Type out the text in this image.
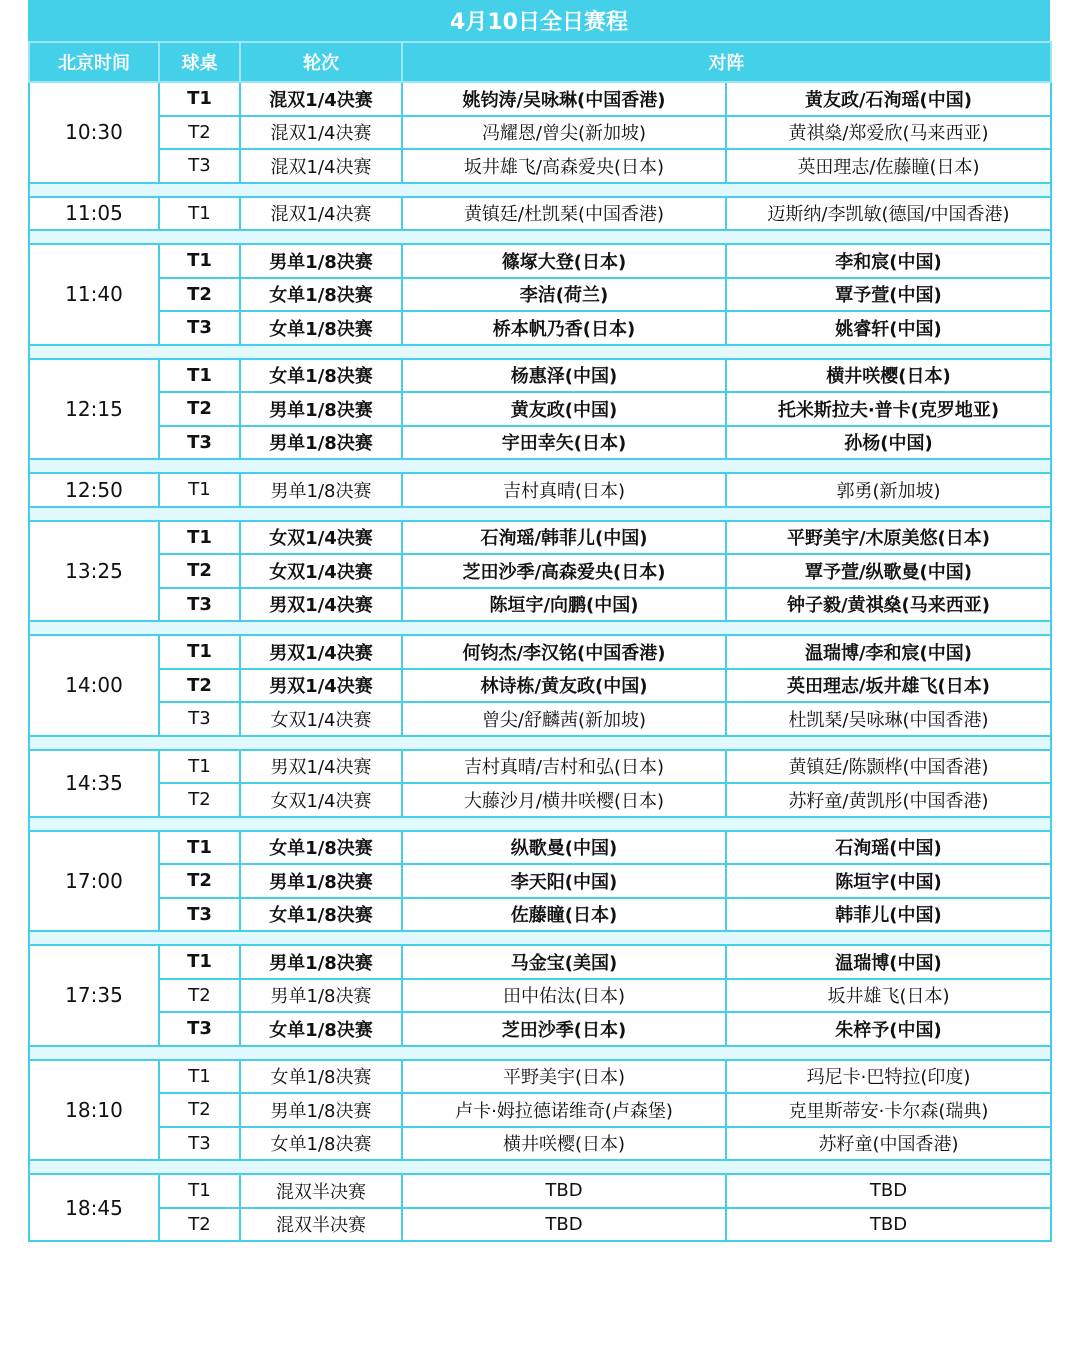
4月10日全日赛程
北京时间	球桌	轮次	对阵	
10:30	T1	混双1/4决赛	姚钧涛/吴咏琳(中国香港)	黄友政/石洵瑶(中国)
	T2	混双1/4决赛	冯耀恩/曾尖(新加坡)	黄祺燊/郑爱欣(马来西亚)
	T3	混双1/4决赛	坂井雄飞/高森爱央(日本)	英田理志/佐藤瞳(日本)

11:05	T1	混双1/4决赛	黄镇廷/杜凯琹(中国香港)	迈斯纳/李凯敏(德国/中国香港)

11:40	T1	男单1/8决赛	篠塚大登(日本)	李和宸(中国)
	T2	女单1/8决赛	李洁(荷兰)	覃予萱(中国)
	T3	女单1/8决赛	桥本帆乃香(日本)	姚睿轩(中国)

12:15	T1	女单1/8决赛	杨惠泽(中国)	横井咲樱(日本)
	T2	男单1/8决赛	黄友政(中国)	托米斯拉夫·普卡(克罗地亚)
	T3	男单1/8决赛	宇田幸矢(日本)	孙杨(中国)

12:50	T1	男单1/8决赛	吉村真晴(日本)	郭勇(新加坡)

13:25	T1	女双1/4决赛	石洵瑶/韩菲儿(中国)	平野美宇/木原美悠(日本)
	T2	女双1/4决赛	芝田沙季/高森爱央(日本)	覃予萱/纵歌曼(中国)
	T3	男双1/4决赛	陈垣宇/向鹏(中国)	钟子毅/黄祺燊(马来西亚)

14:00	T1	男双1/4决赛	何钧杰/李汉铭(中国香港)	温瑞博/李和宸(中国)
	T2	男双1/4决赛	林诗栋/黄友政(中国)	英田理志/坂井雄飞(日本)
	T3	女双1/4决赛	曾尖/舒麟茜(新加坡)	杜凯琹/吴咏琳(中国香港)

14:35	T1	男双1/4决赛	吉村真晴/吉村和弘(日本)	黄镇廷/陈颢桦(中国香港)
	T2	女双1/4决赛	大藤沙月/横井咲樱(日本)	苏籽童/黄凯彤(中国香港)

17:00	T1	女单1/8决赛	纵歌曼(中国)	石洵瑶(中国)
	T2	男单1/8决赛	李天阳(中国)	陈垣宇(中国)
	T3	女单1/8决赛	佐藤瞳(日本)	韩菲儿(中国)

17:35	T1	男单1/8决赛	马金宝(美国)	温瑞博(中国)
	T2	男单1/8决赛	田中佑汰(日本)	坂井雄飞(日本)
	T3	女单1/8决赛	芝田沙季(日本)	朱梓予(中国)

18:10	T1	女单1/8决赛	平野美宇(日本)	玛尼卡·巴特拉(印度)
	T2	男单1/8决赛	卢卡·姆拉德诺维奇(卢森堡)	克里斯蒂安·卡尔森(瑞典)
	T3	女单1/8决赛	横井咲樱(日本)	苏籽童(中国香港)

18:45	T1	混双半决赛	TBD	TBD
	T2	混双半决赛	TBD	TBD
